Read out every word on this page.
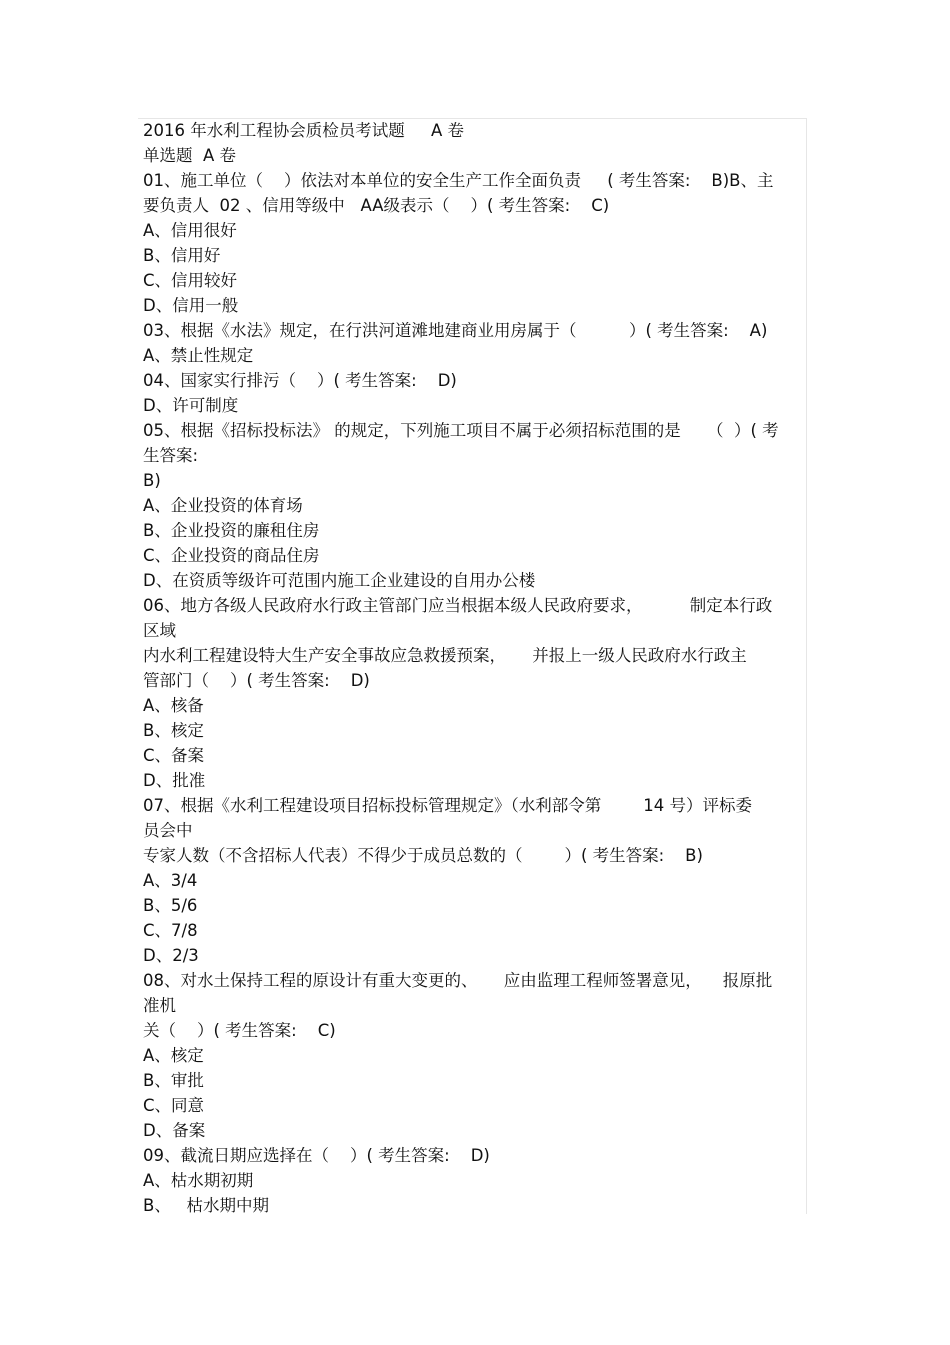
2016 年水利工程协会质检员考试题     A 卷
单选题  A 卷
01、施工单位（    ）依法对本单位的安全生产工作全面负责     ( 考生答案:    B)B、主
要负责人  02 、信用等级中   AA级表示（    ）( 考生答案:    C)
A、信用很好
B、信用好
C、信用较好
D、信用一般
03、根据《水法》规定，在行洪河道滩地建商业用房属于（          ）( 考生答案:    A)
A、禁止性规定
04、国家实行排污（    ）( 考生答案:    D)
D、许可制度
05、根据《招标投标法》 的规定，下列施工项目不属于必须招标范围的是     （  ）( 考
生答案:
B)
A、企业投资的体育场
B、企业投资的廉租住房
C、企业投资的商品住房
D、在资质等级许可范围内施工企业建设的自用办公楼
06、地方各级人民政府水行政主管部门应当根据本级人民政府要求，         制定本行政
区域
内水利工程建设特大生产安全事故应急救援预案，     并报上一级人民政府水行政主
管部门（    ）( 考生答案:    D)
A、核备
B、核定
C、备案
D、批准
07、根据《水利工程建设项目招标投标管理规定》（水利部令第        14 号）评标委
员会中
专家人数（不含招标人代表）不得少于成员总数的（        ）( 考生答案:    B)
A、3/4
B、5/6
C、7/8
D、2/3
08、对水土保持工程的原设计有重大变更的、     应由监理工程师签署意见，    报原批
准机
关（    ）( 考生答案:    C)
A、核定
B、审批
C、同意
D、备案
09、截流日期应选择在（    ）( 考生答案:    D)
A、枯水期初期
B、   枯水期中期
